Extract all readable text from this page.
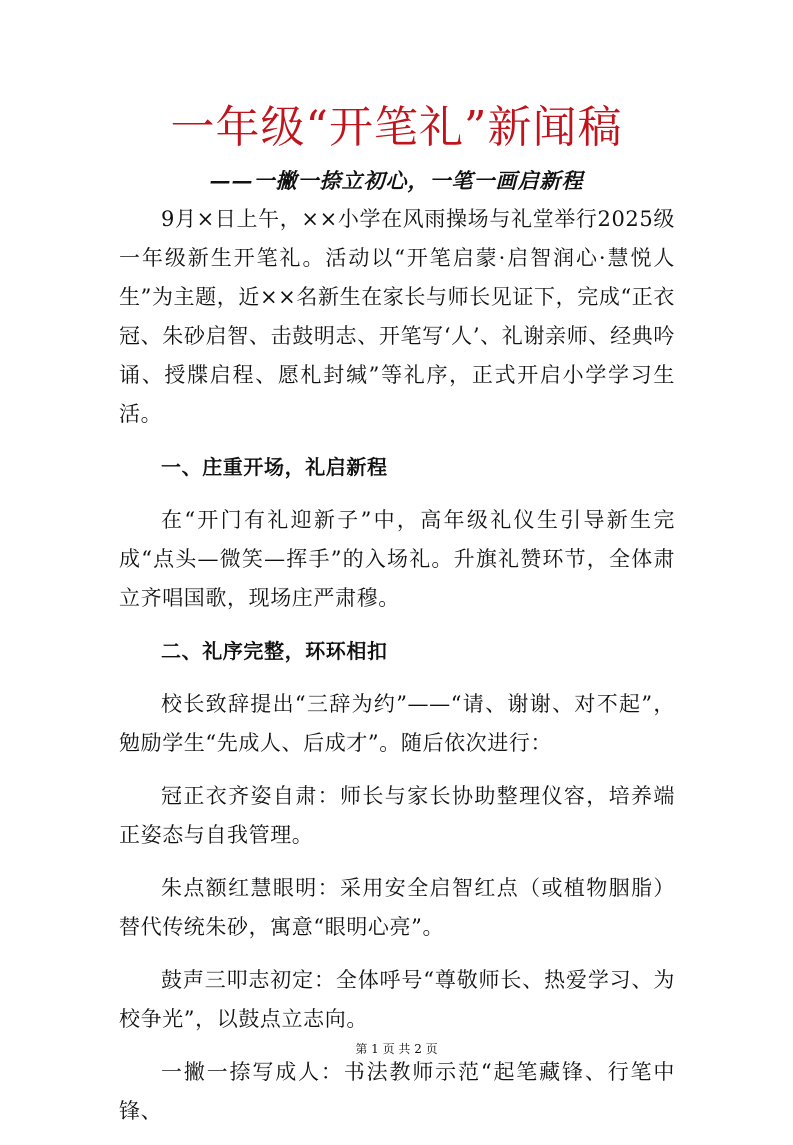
一年级“开笔礼”新闻稿
——一撇一捺立初心，一笔一画启新程

9月×日上午，××小学在风雨操场与礼堂举行2025级一年级新生开笔礼。活动以“开笔启蒙·启智润心·慧悦人生”为主题，近××名新生在家长与师长见证下，完成“正衣冠、朱砂启智、击鼓明志、开笔写‘人’、礼谢亲师、经典吟诵、授牒启程、愿札封缄”等礼序，正式开启小学学习生活。

一、庄重开场，礼启新程

在“开门有礼迎新子”中，高年级礼仪生引导新生完成“点头—微笑—挥手”的入场礼。升旗礼赞环节，全体肃立齐唱国歌，现场庄严肃穆。

二、礼序完整，环环相扣

校长致辞提出“三辞为约”——“请、谢谢、对不起”，勉励学生“先成人、后成才”。随后依次进行：

冠正衣齐姿自肃：师长与家长协助整理仪容，培养端正姿态与自我管理。

朱点额红慧眼明：采用安全启智红点（或植物胭脂）替代传统朱砂，寓意“眼明心亮”。

鼓声三叩志初定：全体呼号“尊敬师长、热爱学习、为校争光”，以鼓点立志向。

一撇一捺写成人：书法教师示范“起笔藏锋、行笔中锋、

第 1 页 共 2 页
